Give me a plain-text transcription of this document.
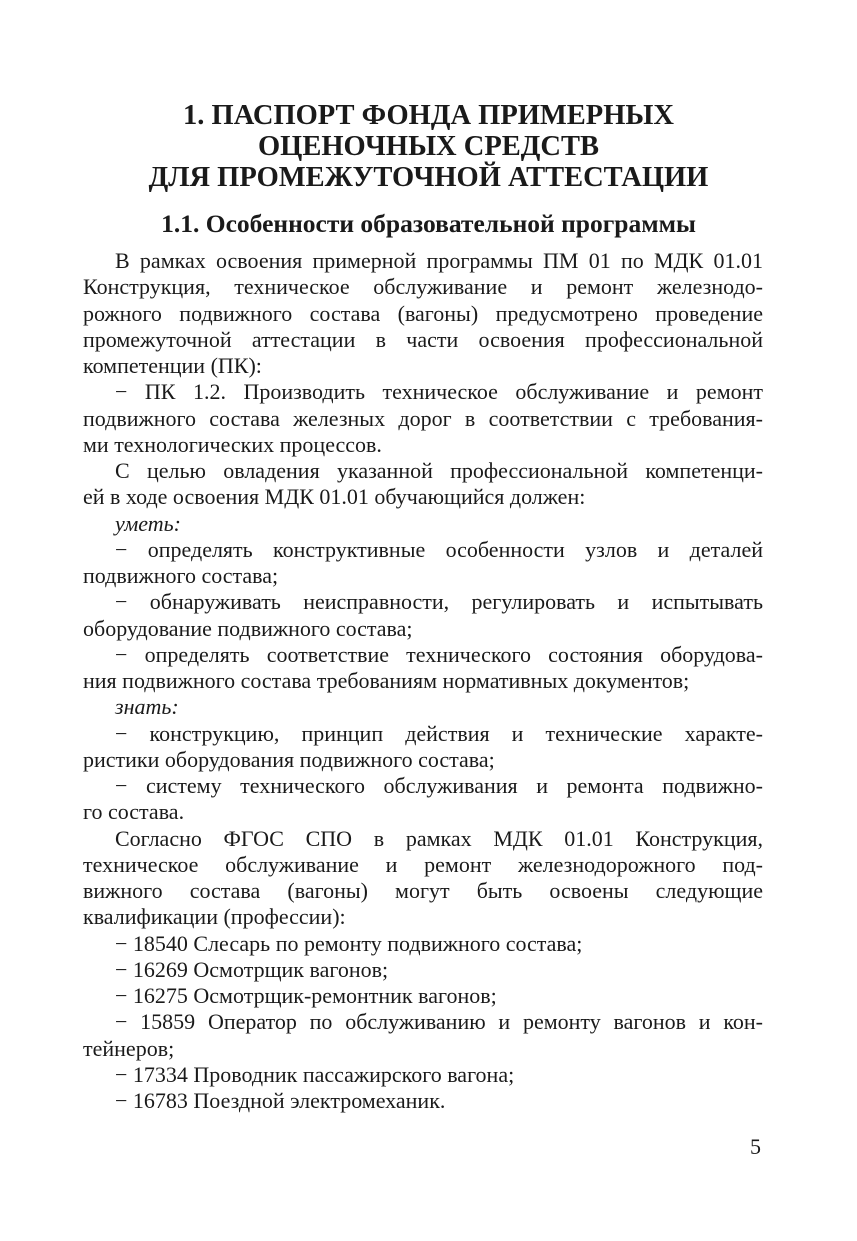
1. ПАСПОРТ ФОНДА ПРИМЕРНЫХ
ОЦЕНОЧНЫХ СРЕДСТВ
ДЛЯ ПРОМЕЖУТОЧНОЙ АТТЕСТАЦИИ
1.1. Особенности образовательной программы
В рамках освоения примерной программы ПМ 01 по МДК 01.01
Конструкция, техническое обслуживание и ремонт железнодо-
рожного подвижного состава (вагоны) предусмотрено проведение
промежуточной аттестации в части освоения профессиональной
компетенции (ПК):
− ПК 1.2. Производить техническое обслуживание и ремонт
подвижного состава железных дорог в соответствии с требования-
ми технологических процессов.
С целью овладения указанной профессиональной компетенци-
ей в ходе освоения МДК 01.01 обучающийся должен:
уметь:
− определять конструктивные особенности узлов и деталей
подвижного состава;
− обнаруживать неисправности, регулировать и испытывать
оборудование подвижного состава;
− определять соответствие технического состояния оборудова-
ния подвижного состава требованиям нормативных документов;
знать:
− конструкцию, принцип действия и технические характе-
ристики оборудования подвижного состава;
− систему технического обслуживания и ремонта подвижно-
го состава.
Согласно ФГОС СПО в рамках МДК 01.01 Конструкция,
техническое обслуживание и ремонт железнодорожного под-
вижного состава (вагоны) могут быть освоены следующие
квалификации (профессии):
− 18540 Слесарь по ремонту подвижного состава;
− 16269 Осмотрщик вагонов;
− 16275 Осмотрщик-ремонтник вагонов;
− 15859 Оператор по обслуживанию и ремонту вагонов и кон-
тейнеров;
− 17334 Проводник пассажирского вагона;
− 16783 Поездной электромеханик.
5
